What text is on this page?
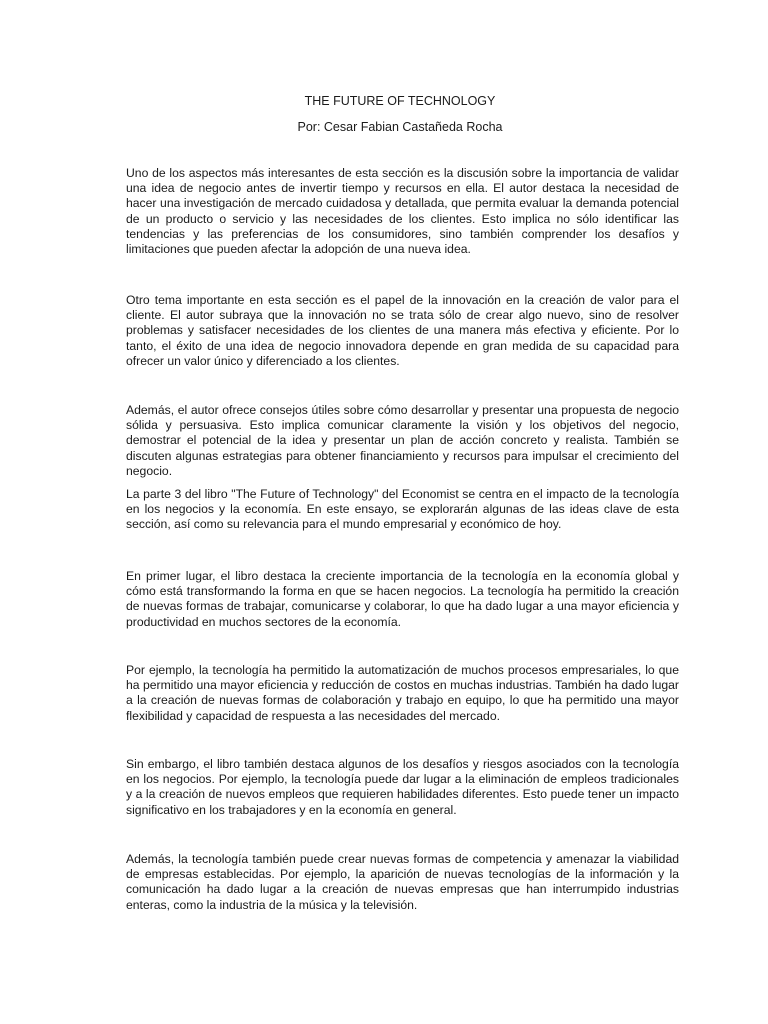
THE FUTURE OF TECHNOLOGY

Por: Cesar Fabian Castañeda Rocha

Uno de los aspectos más interesantes de esta sección es la discusión sobre la importancia de validar una idea de negocio antes de invertir tiempo y recursos en ella. El autor destaca la necesidad de hacer una investigación de mercado cuidadosa y detallada, que permita evaluar la demanda potencial de un producto o servicio y las necesidades de los clientes. Esto implica no sólo identificar las tendencias y las preferencias de los consumidores, sino también comprender los desafíos y limitaciones que pueden afectar la adopción de una nueva idea.

Otro tema importante en esta sección es el papel de la innovación en la creación de valor para el cliente. El autor subraya que la innovación no se trata sólo de crear algo nuevo, sino de resolver problemas y satisfacer necesidades de los clientes de una manera más efectiva y eficiente. Por lo tanto, el éxito de una idea de negocio innovadora depende en gran medida de su capacidad para ofrecer un valor único y diferenciado a los clientes.

Además, el autor ofrece consejos útiles sobre cómo desarrollar y presentar una propuesta de negocio sólida y persuasiva. Esto implica comunicar claramente la visión y los objetivos del negocio, demostrar el potencial de la idea y presentar un plan de acción concreto y realista. También se discuten algunas estrategias para obtener financiamiento y recursos para impulsar el crecimiento del negocio.

La parte 3 del libro "The Future of Technology" del Economist se centra en el impacto de la tecnología en los negocios y la economía. En este ensayo, se explorarán algunas de las ideas clave de esta sección, así como su relevancia para el mundo empresarial y económico de hoy.

En primer lugar, el libro destaca la creciente importancia de la tecnología en la economía global y cómo está transformando la forma en que se hacen negocios. La tecnología ha permitido la creación de nuevas formas de trabajar, comunicarse y colaborar, lo que ha dado lugar a una mayor eficiencia y productividad en muchos sectores de la economía.

Por ejemplo, la tecnología ha permitido la automatización de muchos procesos empresariales, lo que ha permitido una mayor eficiencia y reducción de costos en muchas industrias. También ha dado lugar a la creación de nuevas formas de colaboración y trabajo en equipo, lo que ha permitido una mayor flexibilidad y capacidad de respuesta a las necesidades del mercado.

Sin embargo, el libro también destaca algunos de los desafíos y riesgos asociados con la tecnología en los negocios. Por ejemplo, la tecnología puede dar lugar a la eliminación de empleos tradicionales y a la creación de nuevos empleos que requieren habilidades diferentes. Esto puede tener un impacto significativo en los trabajadores y en la economía en general.

Además, la tecnología también puede crear nuevas formas de competencia y amenazar la viabilidad de empresas establecidas. Por ejemplo, la aparición de nuevas tecnologías de la información y la comunicación ha dado lugar a la creación de nuevas empresas que han interrumpido industrias enteras, como la industria de la música y la televisión.
